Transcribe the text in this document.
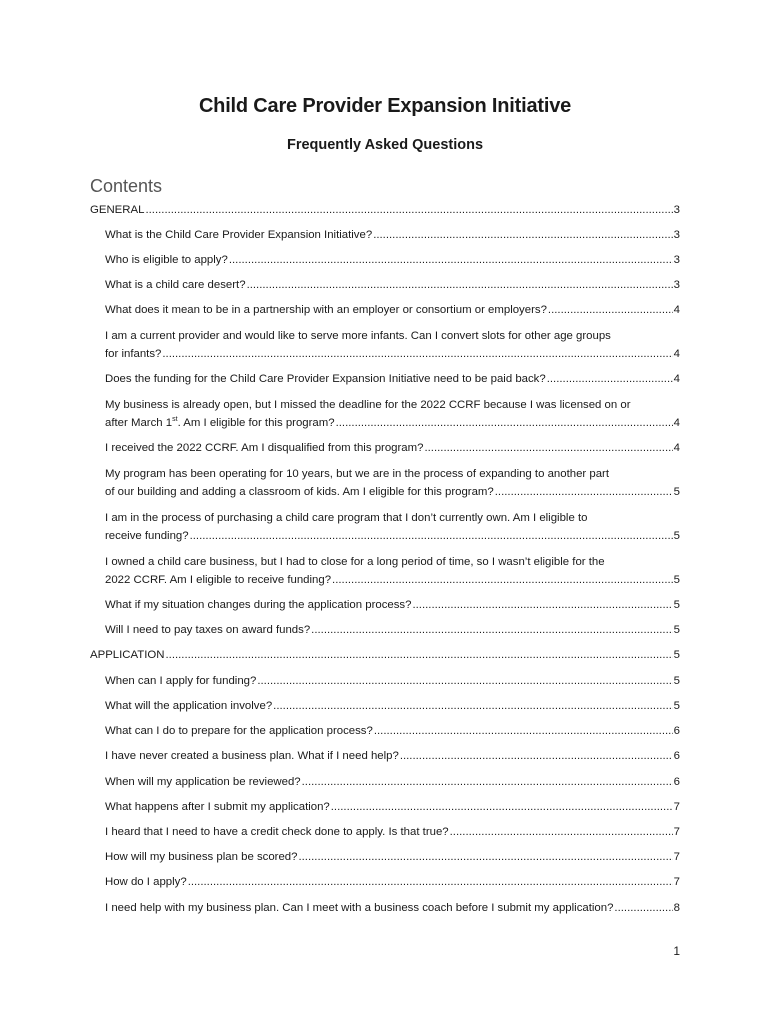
Child Care Provider Expansion Initiative
Frequently Asked Questions
Contents
GENERAL .....	3
What is the Child Care Provider Expansion Initiative? .....	3
Who is eligible to apply? .....	3
What is a child care desert? .....	3
What does it mean to be in a partnership with an employer or consortium or employers? .....	4
I am a current provider and would like to serve more infants. Can I convert slots for other age groups
for infants? .....	4
Does the funding for the Child Care Provider Expansion Initiative need to be paid back? .....	4
My business is already open, but I missed the deadline for the 2022 CCRF because I was licensed on or
after March 1st. Am I eligible for this program? .....	4
I received the 2022 CCRF. Am I disqualified from this program? .....	4
My program has been operating for 10 years, but we are in the process of expanding to another part
of our building and adding a classroom of kids. Am I eligible for this program? .....	5
I am in the process of purchasing a child care program that I don’t currently own. Am I eligible to
receive funding? .....	5
I owned a child care business, but I had to close for a long period of time, so I wasn’t eligible for the
2022 CCRF. Am I eligible to receive funding? .....	5
What if my situation changes during the application process? .....	5
Will I need to pay taxes on award funds? .....	5
APPLICATION .....	5
When can I apply for funding? .....	5
What will the application involve? .....	5
What can I do to prepare for the application process? .....	6
I have never created a business plan. What if I need help? .....	6
When will my application be reviewed? .....	6
What happens after I submit my application? .....	7
I heard that I need to have a credit check done to apply. Is that true? .....	7
How will my business plan be scored? .....	7
How do I apply? .....	7
I need help with my business plan. Can I meet with a business coach before I submit my application? .....	8
1
